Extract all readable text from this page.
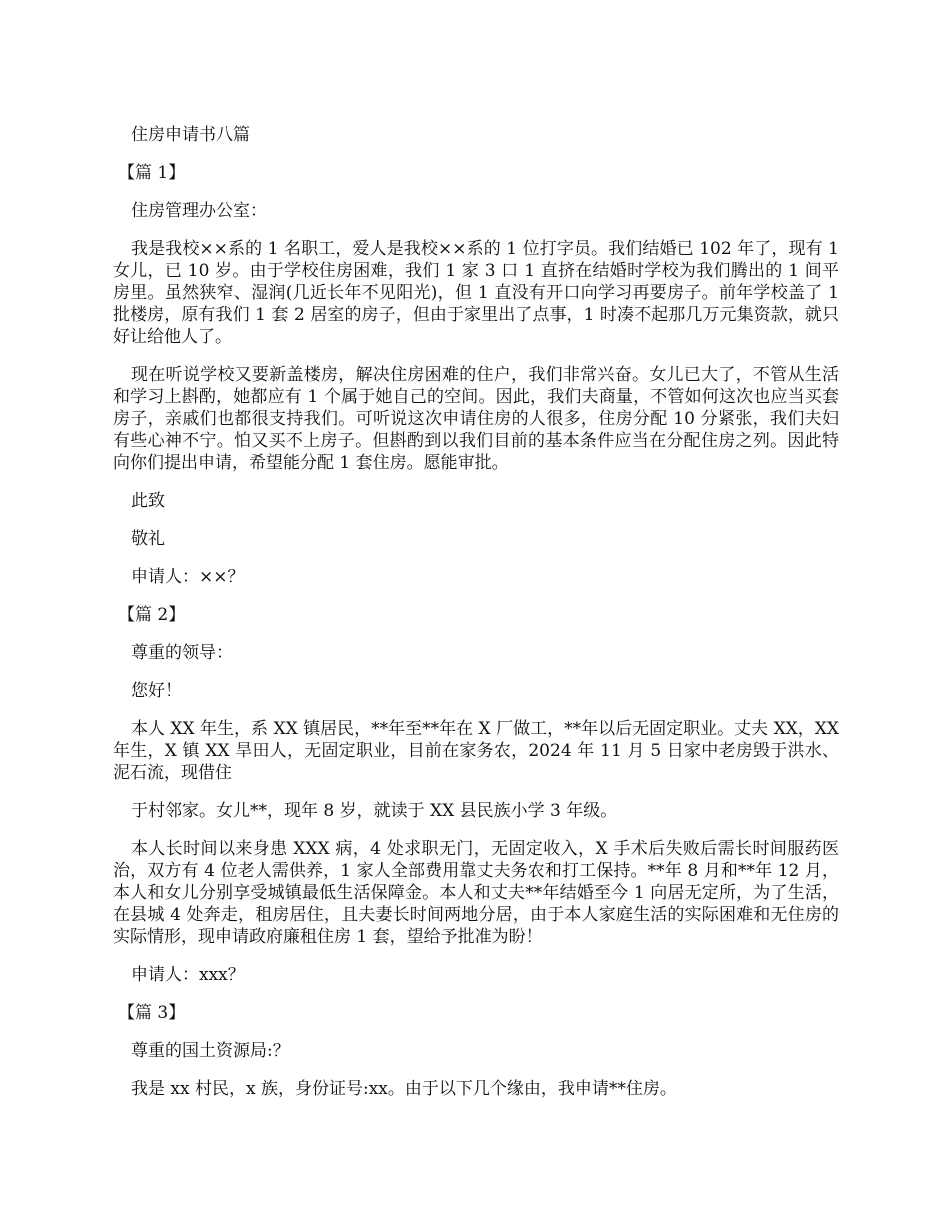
住房申请书八篇

【篇 1】

住房管理办公室：

我是我校××系的 1 名职工，爱人是我校××系的 1 位打字员。我们结婚已 102 年了，现有 1 女儿，已 10 岁。由于学校住房困难，我们 1 家 3 口 1 直挤在结婚时学校为我们腾出的 1 间平房里。虽然狭窄、湿润(几近长年不见阳光)，但 1 直没有开口向学习再要房子。前年学校盖了 1 批楼房，原有我们 1 套 2 居室的房子，但由于家里出了点事，1 时凑不起那几万元集资款，就只好让给他人了。

现在听说学校又要新盖楼房，解决住房困难的住户，我们非常兴奋。女儿已大了，不管从生活和学习上斟酌，她都应有 1 个属于她自己的空间。因此，我们夫商量，不管如何这次也应当买套房子，亲戚们也都很支持我们。可听说这次申请住房的人很多，住房分配 10 分紧张，我们夫妇有些心神不宁。怕又买不上房子。但斟酌到以我们目前的基本条件应当在分配住房之列。因此特向你们提出申请，希望能分配 1 套住房。愿能审批。

此致

敬礼

申请人：××？

【篇 2】

尊重的领导：

您好！

本人 XX 年生，系 XX 镇居民，**年至**年在 X 厂做工，**年以后无固定职业。丈夫 XX，XX 年生，X 镇 XX 旱田人，无固定职业，目前在家务农，2024 年 11 月 5 日家中老房毁于洪水、泥石流，现借住

于村邻家。女儿**，现年 8 岁，就读于 XX 县民族小学 3 年级。

本人长时间以来身患 XXX 病，4 处求职无门，无固定收入，X 手术后失败后需长时间服药医治，双方有 4 位老人需供养，1 家人全部费用靠丈夫务农和打工保持。**年 8 月和**年 12 月，本人和女儿分别享受城镇最低生活保障金。本人和丈夫**年结婚至今 1 向居无定所，为了生活，在县城 4 处奔走，租房居住，且夫妻长时间两地分居，由于本人家庭生活的实际困难和无住房的实际情形，现申请政府廉租住房 1 套，望给予批准为盼！

申请人：xxx？

【篇 3】

尊重的国土资源局:？

我是 xx 村民，x 族，身份证号:xx。由于以下几个缘由，我申请**住房。
